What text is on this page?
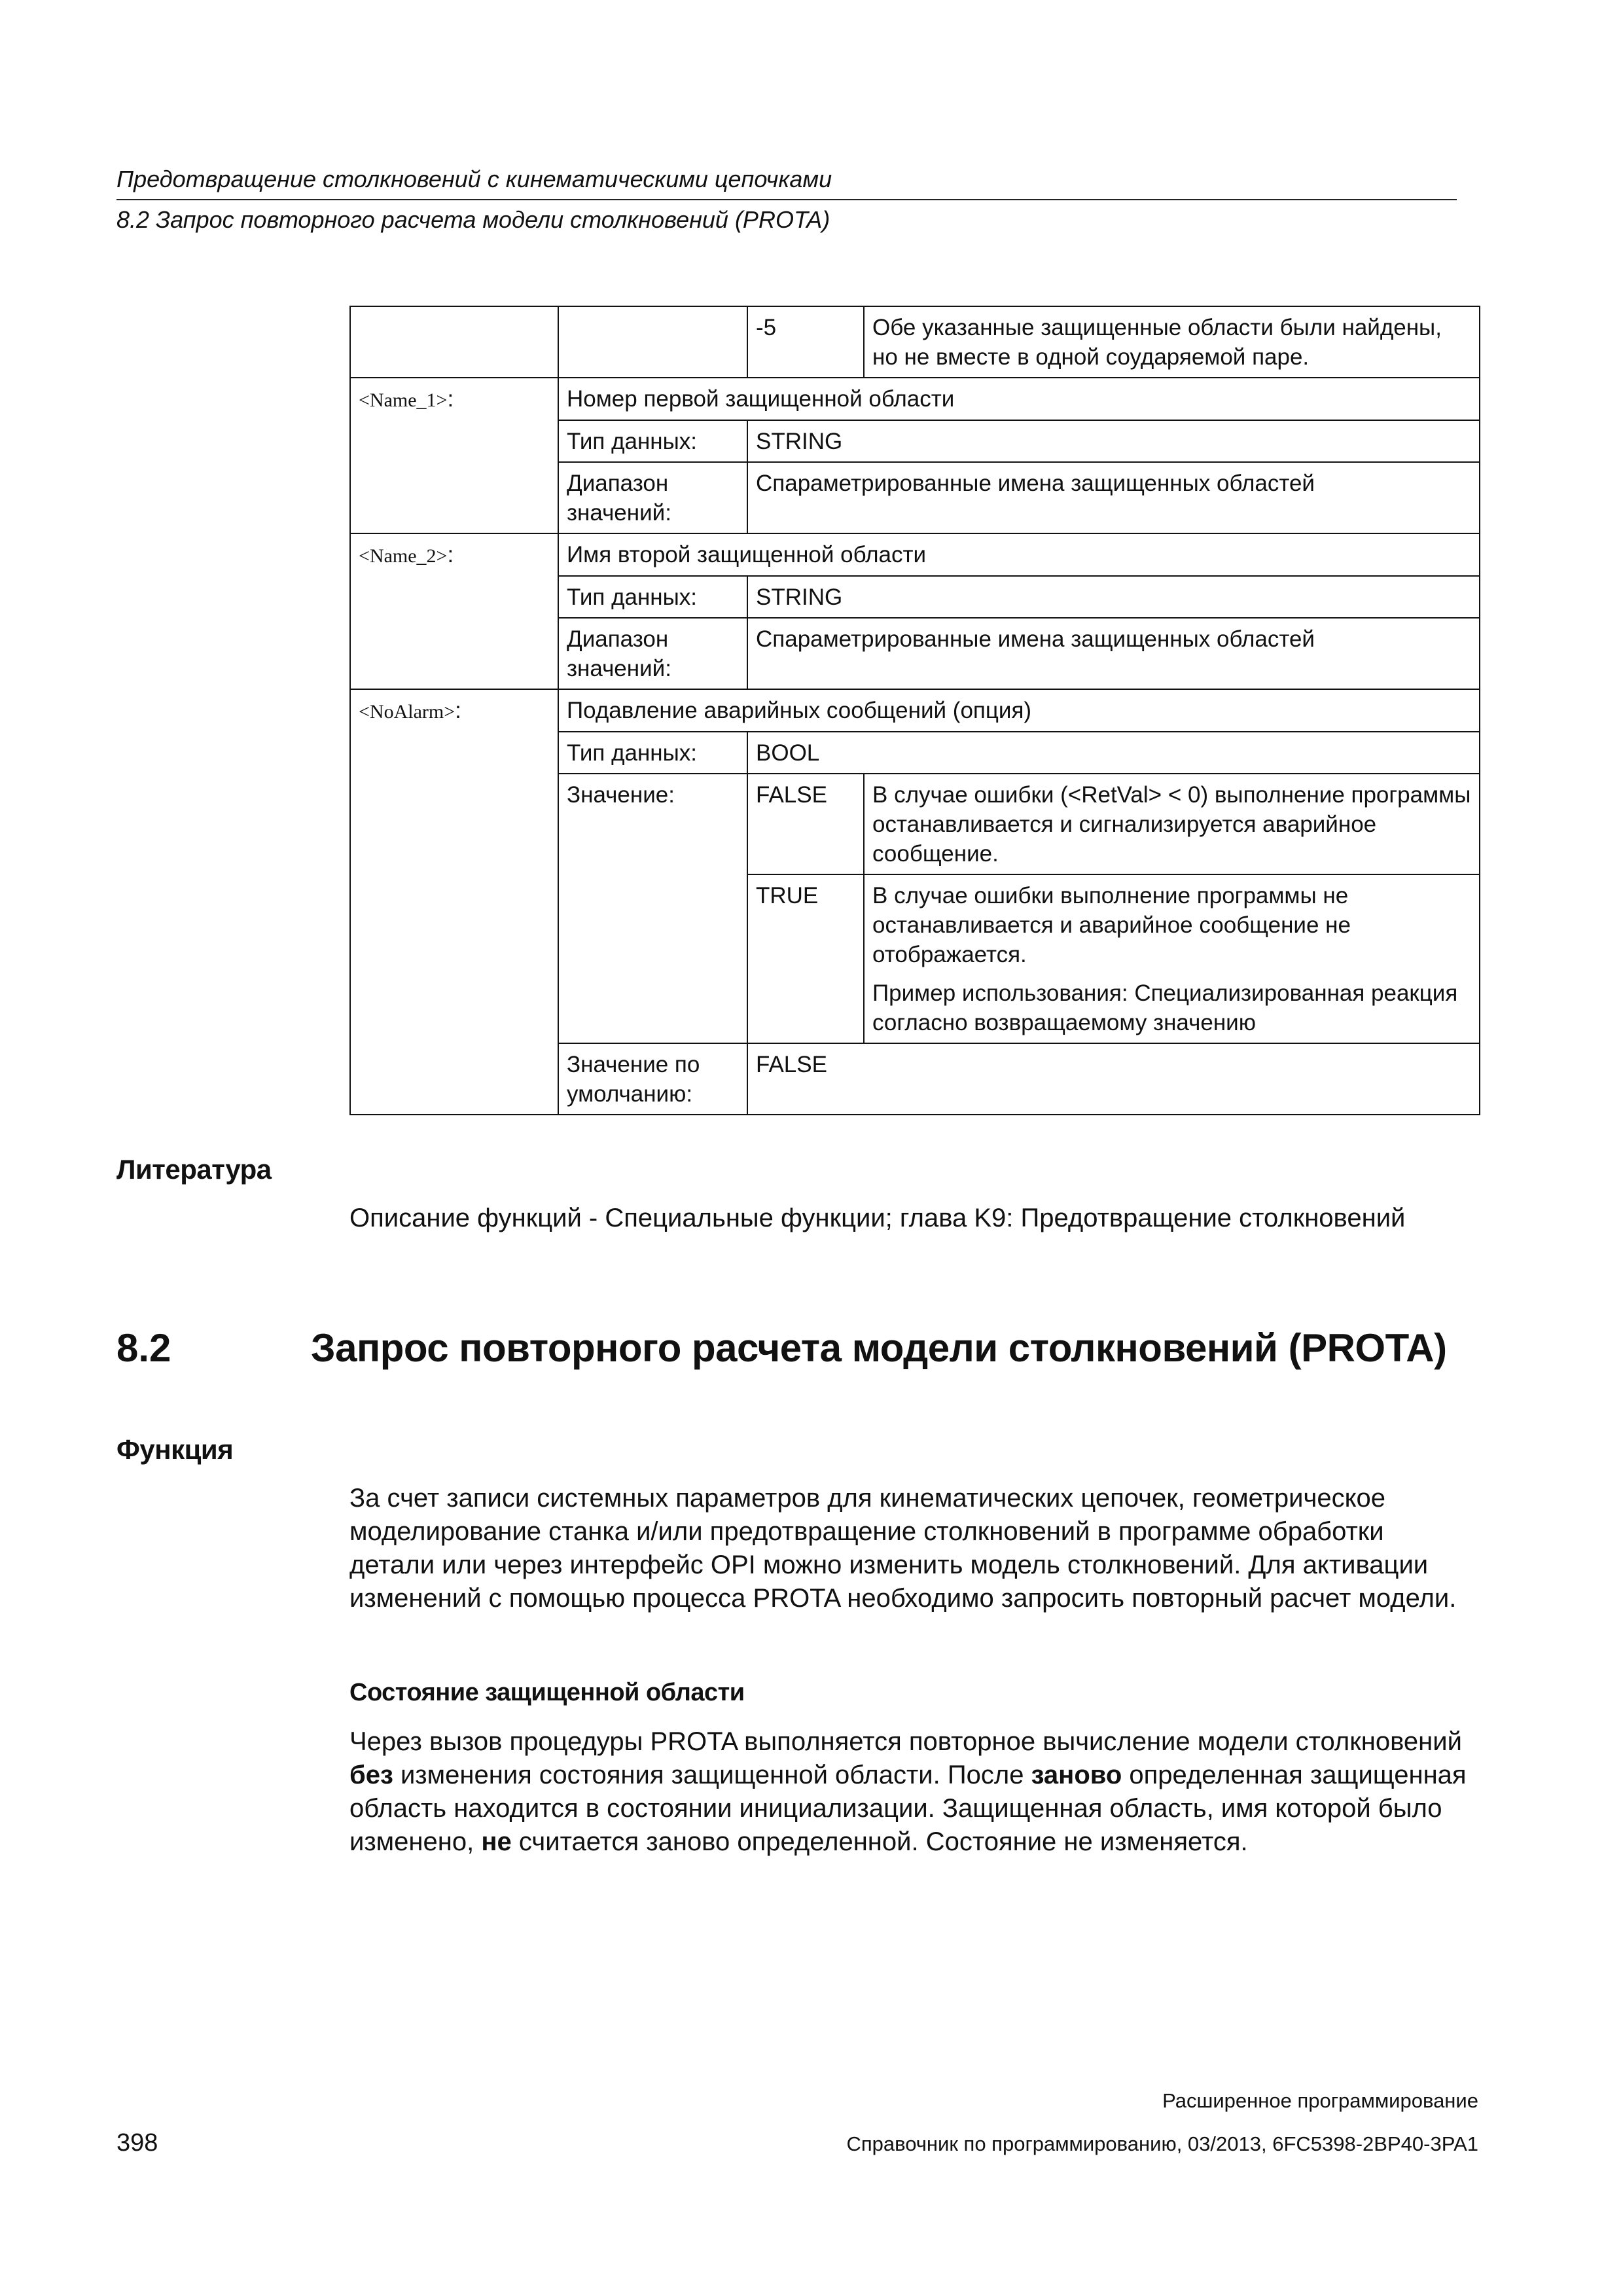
Предотвращение столкновений с кинематическими цепочками
8.2 Запрос повторного расчета модели столкновений (PROTA)
		-5	Обе указанные защищенные области были найдены, но не вместе в одной соударяемой паре.
<Name_1>:	Номер первой защищенной области		
	Тип данных:	STRING	
	Диапазон значений:	Спараметрированные имена защищенных областей	
<Name_2>:	Имя второй защищенной области		
	Тип данных:	STRING	
	Диапазон значений:	Спараметрированные имена защищенных областей	
<NoAlarm>:	Подавление аварийных сообщений (опция)		
	Тип данных:	BOOL	
	Значение:	FALSE	В случае ошибки (<RetVal> < 0) выполнение программы останавливается и сигнализируется аварийное сообщение.
		TRUE	В случае ошибки выполнение программы не останавливается и аварийное сообщение не отображается.
Пример использования: Специализированная реакция согласно возвращаемому значению

	Значение по умолчанию:	FALSE	
Литература
Описание функций - Специальные функции; глава K9: Предотвращение столкновений
8.2	Запрос повторного расчета модели столкновений (PROTA)
Функция
За счет записи системных параметров для кинематических цепочек, геометрическое моделирование станка и/или предотвращение столкновений в программе обработки детали или через интерфейс OPI можно изменить модель столкновений. Для активации изменений с помощью процесса PROTA необходимо запросить повторный расчет модели.
Состояние защищенной области
Через вызов процедуры PROTA выполняется повторное вычисление модели столкновений без изменения состояния защищенной области. После заново определенная защищенная область находится в состоянии инициализации. Защищенная область, имя которой было изменено, не считается заново определенной. Состояние не изменяется.
Расширенное программирование
398	Справочник по программированию, 03/2013, 6FC5398-2BP40-3PA1
